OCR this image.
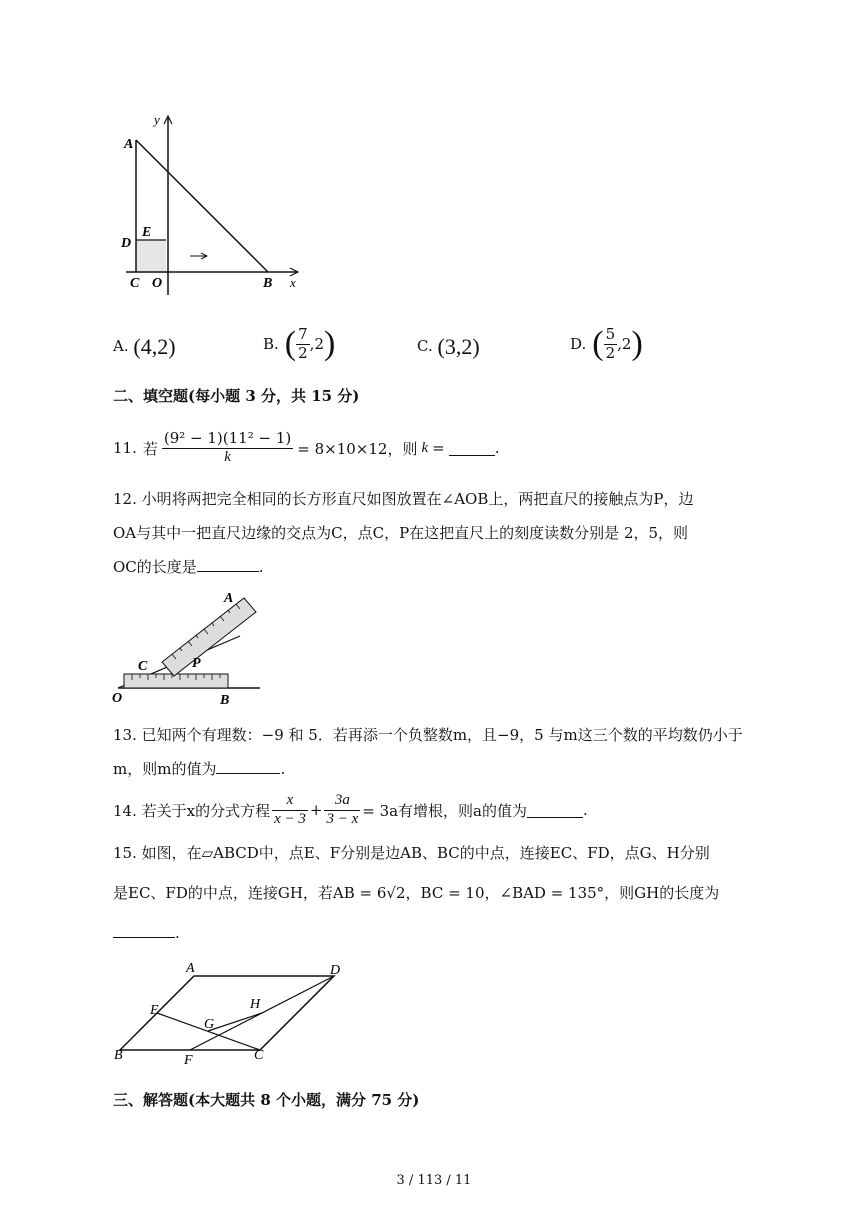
y
x
A
B
C O
D
E
A. (4,2)	B. ( $\frac{7}{2} ,2$ )	C. (3,2)	D. ( $\frac{5}{2} ,2$ )
二、填空题(每小题 3 分，共 15 分)
11. 若 $\frac{\text{(9² − 1)(11² − 1)}}{k} = 8\times 10\times 12$，则 k =	.
12. 小明将两把完全相同的长方形直尺如图放置在∠AOB上，两把直尺的接触点为P，边
OA与其中一把直尺边缘的交点为C，点C，P在这把直尺上的刻度读数分别是 2，5，则
OC的长度是	.
A
C	P
O	B
13. 已知两个有理数：−9 和 5．若再添一个负整数m，且−9，5 与m这三个数的平均数仍小于
m，则m的值为	.
14. 若关于x的分式方程 $\frac{x}{x - 3} + \frac{3a}{3 - x} = 3a$有增根，则a的值为	.
15. 如图，在▱ABCD中，点E、F分别是边AB、BC的中点，连接EC、FD，点G、H分别
是EC、FD的中点，连接GH，若AB = 6√2，BC = 10，∠BAD = 135°，则GH的长度为
.
A	D
E	H
G
B	F	C
三、解答题(本大题共 8 个小题，满分 75 分)
3 / 113 / 11
